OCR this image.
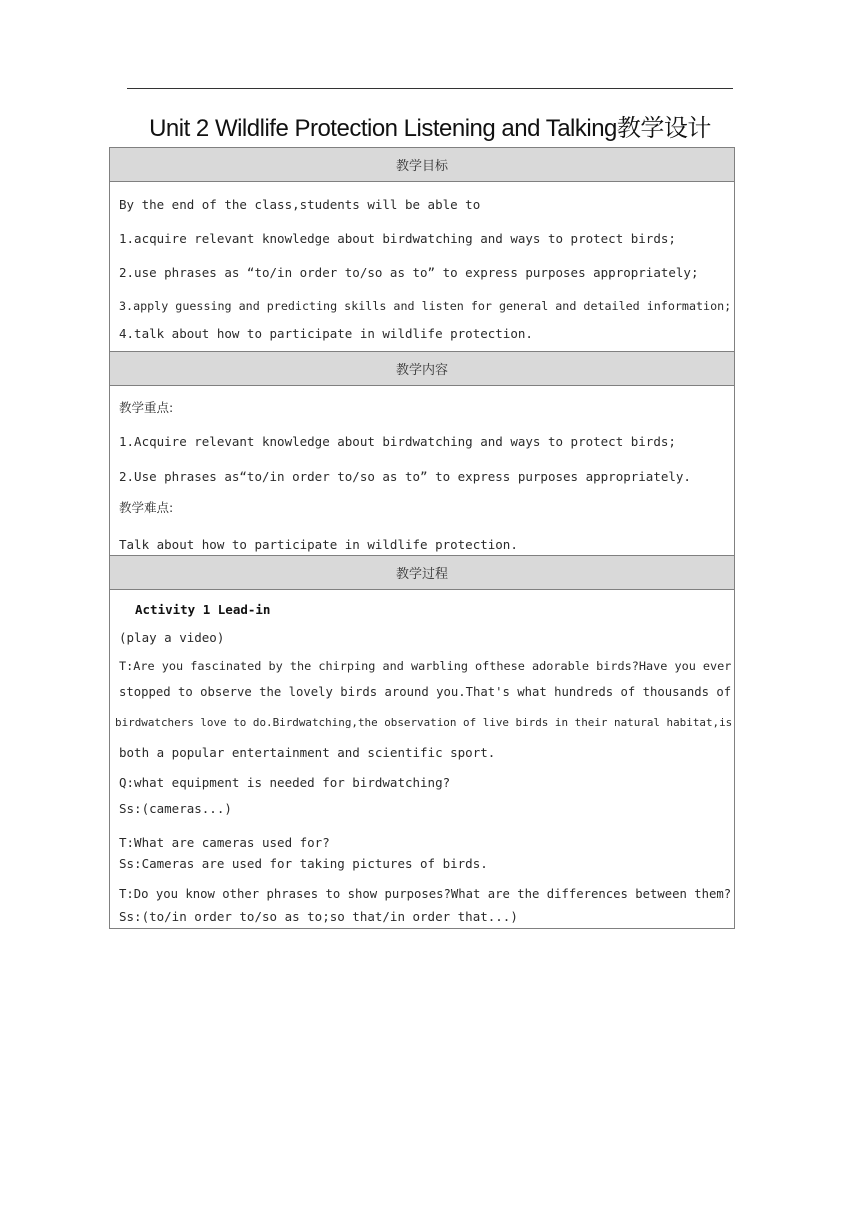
Unit 2 Wildlife Protection Listening and Talking教学设计
教学目标
By the end of the class,students will be able to
1.acquire relevant knowledge about birdwatching and ways to protect birds;
2.use phrases as “to/in order to/so as to” to express purposes appropriately;
3.apply guessing and predicting skills and listen for general and detailed information;
4.talk about how to participate in wildlife protection.
教学内容
教学重点:
1.Acquire relevant knowledge about birdwatching and ways to protect birds;
2.Use phrases as“to/in order to/so as to” to express purposes appropriately.
教学难点:
Talk about how to participate in wildlife protection.
教学过程
Activity 1 Lead-in
(play a video)
T:Are you fascinated by the chirping and warbling ofthese adorable birds?Have you ever
stopped to observe the lovely birds around you.That's what hundreds of thousands of
birdwatchers love to do.Birdwatching,the observation of live birds in their natural habitat,is
both a popular entertainment and scientific sport.
Q:what equipment is needed for birdwatching?
Ss:(cameras...)
T:What are cameras used for?
Ss:Cameras are used for taking pictures of birds.
T:Do you know other phrases to show purposes?What are the differences between them?
Ss:(to/in order to/so as to;so that/in order that...)
